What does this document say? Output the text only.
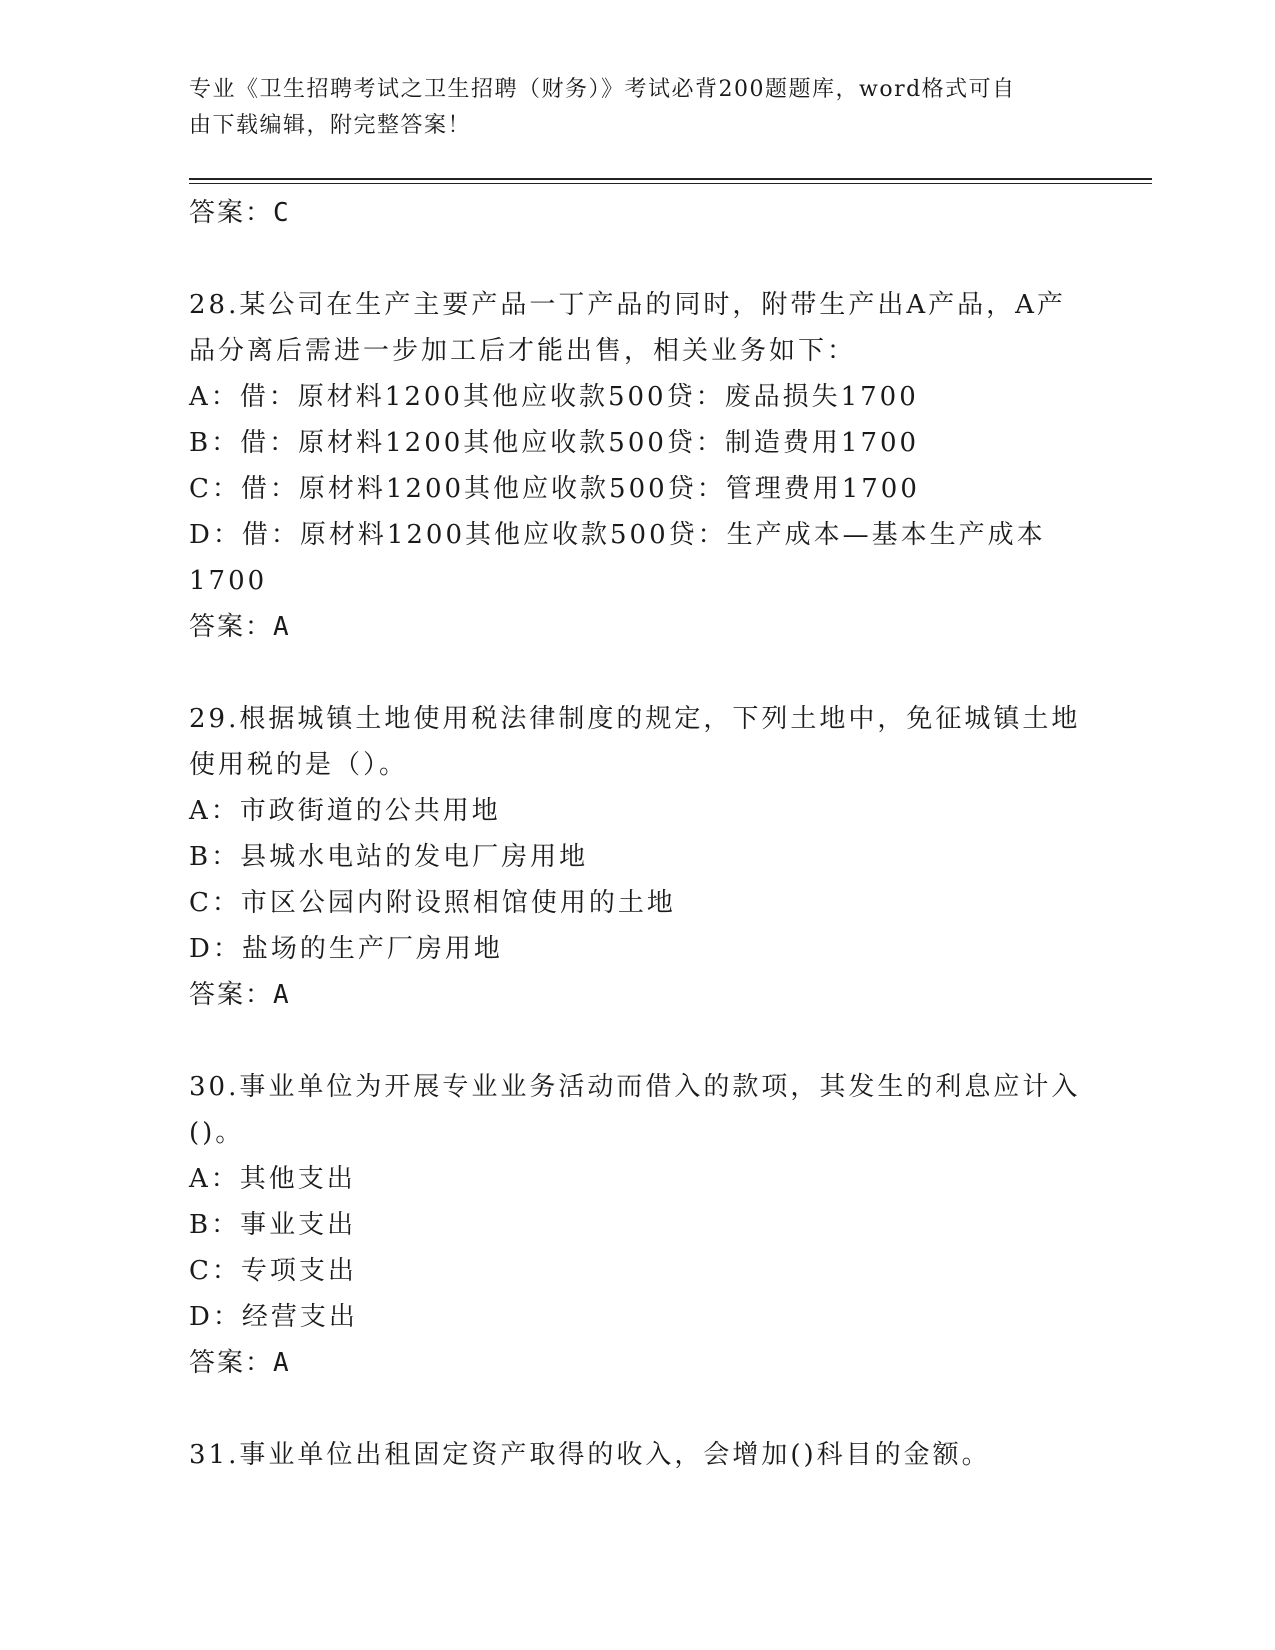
专业《卫生招聘考试之卫生招聘（财务）》考试必背200题题库，word格式可自
由下载编辑，附完整答案！
答案：C
28.某公司在生产主要产品一丁产品的同时，附带生产出A产品，A产
品分离后需进一步加工后才能出售，相关业务如下：
A：借：原材料1200其他应收款500贷：废品损失1700
B：借：原材料1200其他应收款500贷：制造费用1700
C：借：原材料1200其他应收款500贷：管理费用1700
D：借：原材料1200其他应收款500贷：生产成本—基本生产成本
1700
答案：A
29.根据城镇土地使用税法律制度的规定，下列土地中，免征城镇土地
使用税的是（）。
A：市政街道的公共用地
B：县城水电站的发电厂房用地
C：市区公园内附设照相馆使用的土地
D：盐场的生产厂房用地
答案：A
30.事业单位为开展专业业务活动而借入的款项，其发生的利息应计入
()。
A：其他支出
B：事业支出
C：专项支出
D：经营支出
答案：A
31.事业单位出租固定资产取得的收入，会增加()科目的金额。
